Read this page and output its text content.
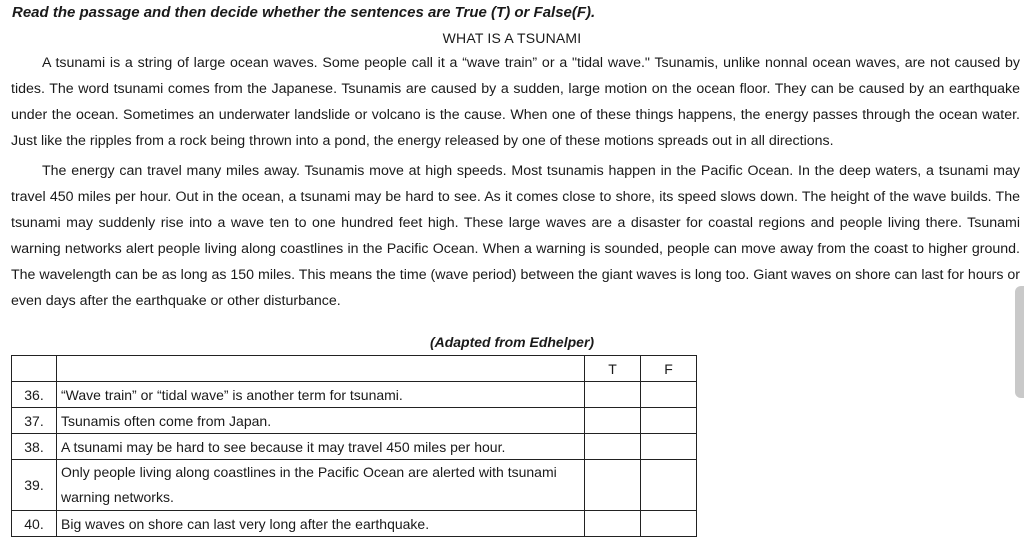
Read the passage and then decide whether the sentences are True (T) or False(F).
WHAT IS A TSUNAMI

A tsunami is a string of large ocean waves. Some people call it a “wave train” or a "tidal wave." Tsunamis, unlike nonnal ocean waves, are not caused by tides. The word tsunami comes from the Japanese. Tsunamis are caused by a sudden, large motion on the ocean floor. They can be caused by an earthquake under the ocean. Sometimes an underwater landslide or volcano is the cause. When one of these things happens, the energy passes through the ocean water. Just like the ripples from a rock being thrown into a pond, the energy released by one of these motions spreads out in all directions.

The energy can travel many miles away. Tsunamis move at high speeds. Most tsunamis happen in the Pacific Ocean. In the deep waters, a tsunami may travel 450 miles per hour. Out in the ocean, a tsunami may be hard to see. As it comes close to shore, its speed slows down. The height of the wave builds. The tsunami may suddenly rise into a wave ten to one hundred feet high. These large waves are a disaster for coastal regions and people living there. Tsunami warning networks alert people living along coastlines in the Pacific Ocean. When a warning is sounded, people can move away from the coast to higher ground. The wavelength can be as long as 150 miles. This means the time (wave period) between the giant waves is long too. Giant waves on shore can last for hours or even days after the earthquake or other disturbance.

(Adapted from Edhelper)
		T	F
36.	“Wave train” or “tidal wave” is another term for tsunami.		
37.	Tsunamis often come from Japan.		
38.	A tsunami may be hard to see because it may travel 450 miles per hour.		
39.	Only people living along coastlines in the Pacific Ocean are alerted with tsunami warning networks.		
40.	Big waves on shore can last very long after the earthquake.		
